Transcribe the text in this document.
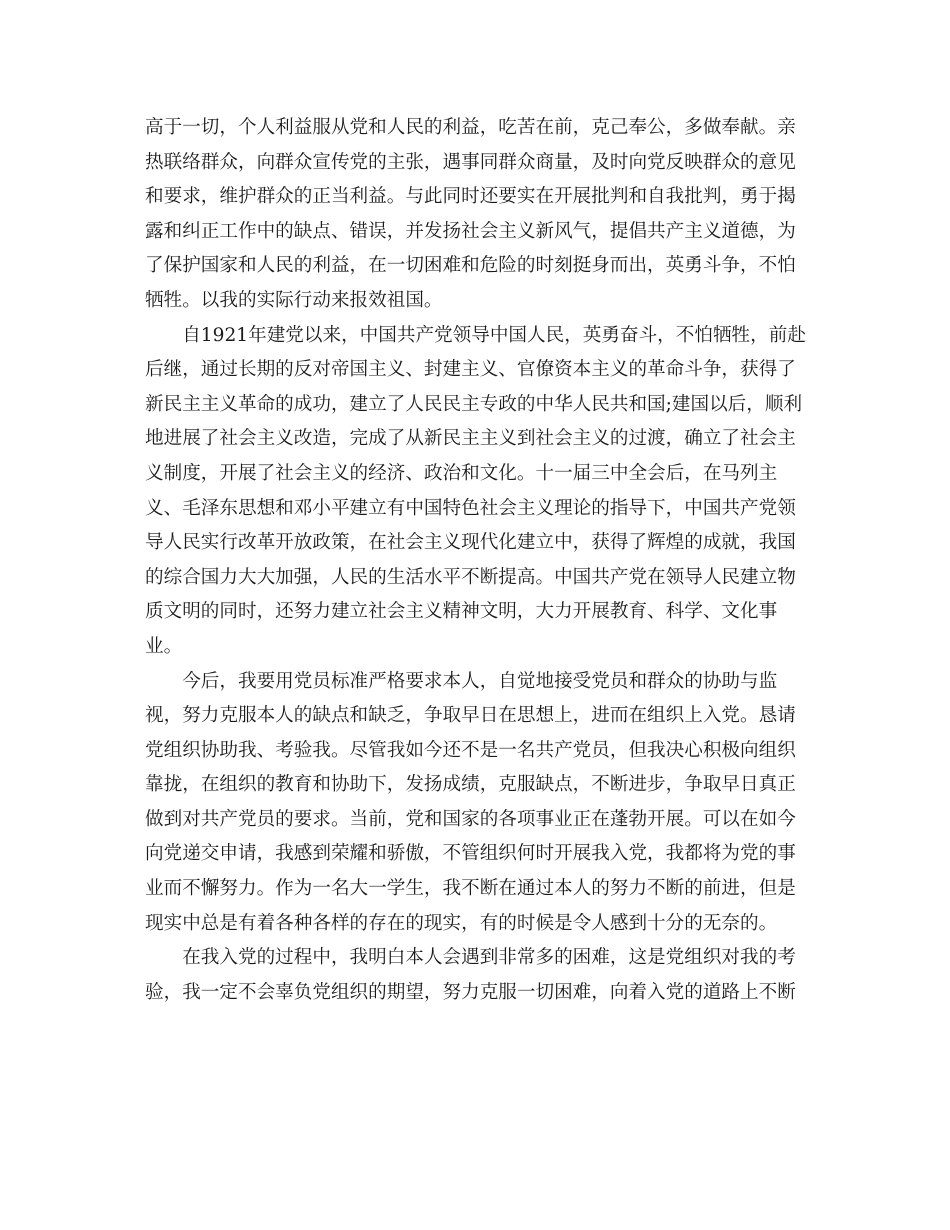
高于一切，个人利益服从党和人民的利益，吃苦在前，克己奉公，多做奉献。亲
热联络群众，向群众宣传党的主张，遇事同群众商量，及时向党反映群众的意见
和要求，维护群众的正当利益。与此同时还要实在开展批判和自我批判，勇于揭
露和纠正工作中的缺点、错误，并发扬社会主义新风气，提倡共产主义道德，为
了保护国家和人民的利益，在一切困难和危险的时刻挺身而出，英勇斗争，不怕
牺牲。以我的实际行动来报效祖国。
　　自1921年建党以来，中国共产党领导中国人民，英勇奋斗，不怕牺牲，前赴
后继，通过长期的反对帝国主义、封建主义、官僚资本主义的革命斗争，获得了
新民主主义革命的成功，建立了人民民主专政的中华人民共和国;建国以后，顺利
地进展了社会主义改造，完成了从新民主主义到社会主义的过渡，确立了社会主
义制度，开展了社会主义的经济、政治和文化。十一届三中全会后，在马列主
义、毛泽东思想和邓小平建立有中国特色社会主义理论的指导下，中国共产党领
导人民实行改革开放政策，在社会主义现代化建立中，获得了辉煌的成就，我国
的综合国力大大加强，人民的生活水平不断提高。中国共产党在领导人民建立物
质文明的同时，还努力建立社会主义精神文明，大力开展教育、科学、文化事
业。
　　今后，我要用党员标准严格要求本人，自觉地接受党员和群众的协助与监
视，努力克服本人的缺点和缺乏，争取早日在思想上，进而在组织上入党。恳请
党组织协助我、考验我。尽管我如今还不是一名共产党员，但我决心积极向组织
靠拢，在组织的教育和协助下，发扬成绩，克服缺点，不断进步，争取早日真正
做到对共产党员的要求。当前，党和国家的各项事业正在蓬勃开展。可以在如今
向党递交申请，我感到荣耀和骄傲，不管组织何时开展我入党，我都将为党的事
业而不懈努力。作为一名大一学生，我不断在通过本人的努力不断的前进，但是
现实中总是有着各种各样的存在的现实，有的时候是令人感到十分的无奈的。
　　在我入党的过程中，我明白本人会遇到非常多的困难，这是党组织对我的考
验，我一定不会辜负党组织的期望，努力克服一切困难，向着入党的道路上不断
